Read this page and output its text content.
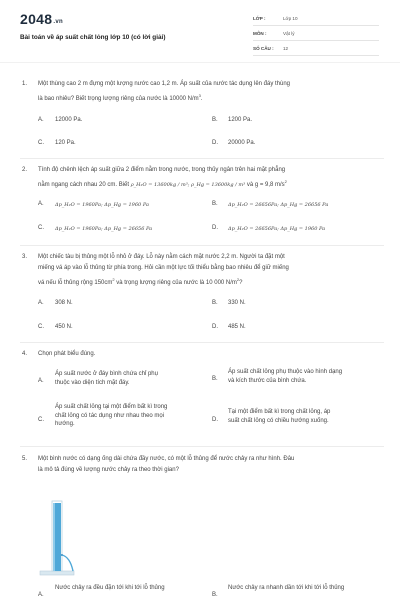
2048.vn
Bài toán về áp suất chất lỏng lớp 10 (có lời giải)
LỚP :	Lớp 10
MÔN :	Vật lý
SỐ CÂU : 12
1. Một thùng cao 2 m đựng một lượng nước cao 1,2 m. Áp suất của nước tác dụng lên đáy thùng
là bao nhiêu? Biết trọng lượng riêng của nước là 10000 $N/m^3$.
A. 12000 Pa.	B. 1200 Pa.
C. 120 Pa.	D. 20000 Pa.
2. Tính độ chênh lệch áp suất giữa 2 điểm nằm trong nước, trong thủy ngân trên hai mặt phẳng
nằm ngang cách nhau 20 cm. Biết ρ_H₂O = 13600kg / m³; ρ_Hg = 13600kg / m³ và g = 9,8 $m/s^2$
A. Δp_H₂O = 1960Pa; Δp_Hg = 1960 Pa	B. Δp_H₂O = 26656Pa; Δp_Hg = 26656 Pa
C. Δp_H₂O = 1960Pa; Δp_Hg = 26656 Pa	D. Δp_H₂O = 26656Pa; Δp_Hg = 1960 Pa
3. Một chiếc tàu bị thủng một lỗ nhỏ ở đáy. Lỗ này nằm cách mặt nước 2,2 m. Người ta đặt một
miếng vá áp vào lỗ thủng từ phía trong. Hỏi cần một lực tối thiểu bằng bao nhiêu để giữ miếng
vá nếu lỗ thủng rộng $150cm^2$ và trọng lượng riêng của nước là 10 000 $N/m^2$?
A. 308 N.	B. 330 N.
C. 450 N.	D. 485 N.
4. Chọn phát biểu đúng.
A.
Áp suất nước ở đáy bình chứa chỉ phụ
thuộc vào diện tích mặt đáy.
B.
Áp suất chất lỏng phụ thuộc vào hình dạng
và kích thước của bình chứa.
C.
Áp suất chất lỏng tại một điểm bất kì trong
chất lỏng có tác dụng như nhau theo mọi
hướng.
D.
Tại một điểm bất kì trong chất lỏng, áp
suất chất lỏng có chiều hướng xuống.
5. Một bình nước có dạng ống dài chứa đầy nước, có một lỗ thủng để nước chảy ra như hình. Đâu
là mô tả đúng về lượng nước chảy ra theo thời gian?
A.
Nước chảy ra đều đặn tới khi tới lỗ thủng
B.
Nước chảy ra nhanh dần tới khi tới lỗ thủng
